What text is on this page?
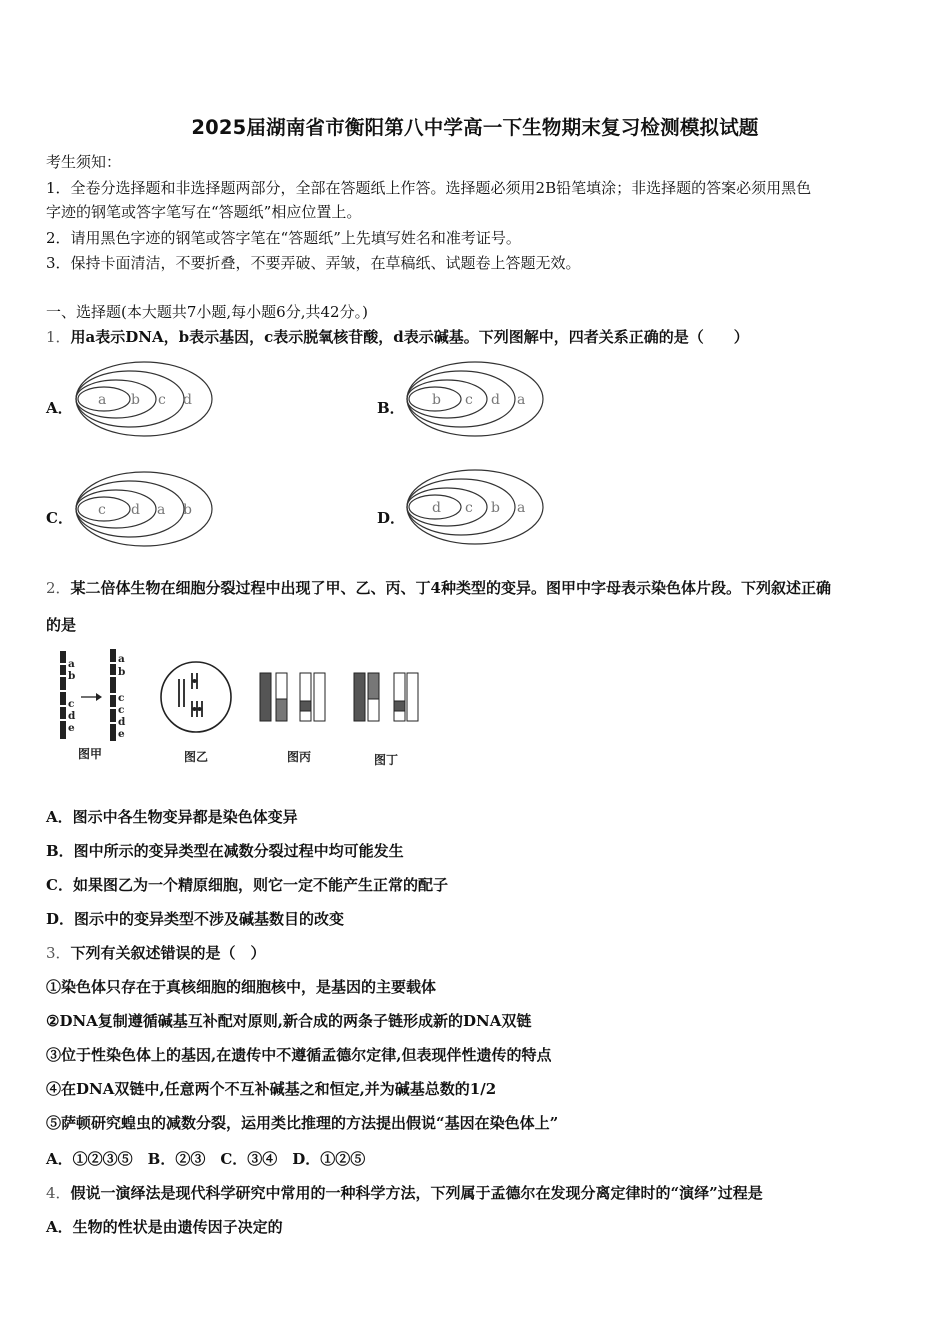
2025届湖南省市衡阳第八中学高一下生物期末复习检测模拟试题
考生须知：
1．全卷分选择题和非选择题两部分，全部在答题纸上作答。选择题必须用2B铅笔填涂；非选择题的答案必须用黑色
字迹的钢笔或答字笔写在“答题纸”相应位置上。
2．请用黑色字迹的钢笔或答字笔在“答题纸”上先填写姓名和准考证号。
3．保持卡面清洁，不要折叠，不要弄破、弄皱，在草稿纸、试题卷上答题无效。
一、选择题(本大题共7小题,每小题6分,共42分。)
1．用a表示DNA，b表示基因，c表示脱氧核苷酸，d表示碱基。下列图解中，四者关系正确的是（　　）
A．	B．
C．	D．
a b c d	b c d a
c d a b	d c b a
2．某二倍体生物在细胞分裂过程中出现了甲、乙、丙、丁4种类型的变异。图甲中字母表示染色体片段。下列叙述正确
的是
a
b
c
d
e
a
b
c
c
d
e
图甲	图乙	图丙	图丁
A．图示中各生物变异都是染色体变异
B．图中所示的变异类型在减数分裂过程中均可能发生
C．如果图乙为一个精原细胞，则它一定不能产生正常的配子
D．图示中的变异类型不涉及碱基数目的改变
3．下列有关叙述错误的是（　）
①染色体只存在于真核细胞的细胞核中，是基因的主要载体
②DNA复制遵循碱基互补配对原则,新合成的两条子链形成新的DNA双链
③位于性染色体上的基因,在遗传中不遵循孟德尔定律,但表现伴性遗传的特点
④在DNA双链中,任意两个不互补碱基之和恒定,并为碱基总数的1/2
⑤萨顿研究蝗虫的减数分裂，运用类比推理的方法提出假说“基因在染色体上”
A．①②③⑤　B．②③　C．③④　D．①②⑤
4．假说一演绎法是现代科学研究中常用的一种科学方法，下列属于孟德尔在发现分离定律时的“演绎”过程是
A．生物的性状是由遗传因子决定的
